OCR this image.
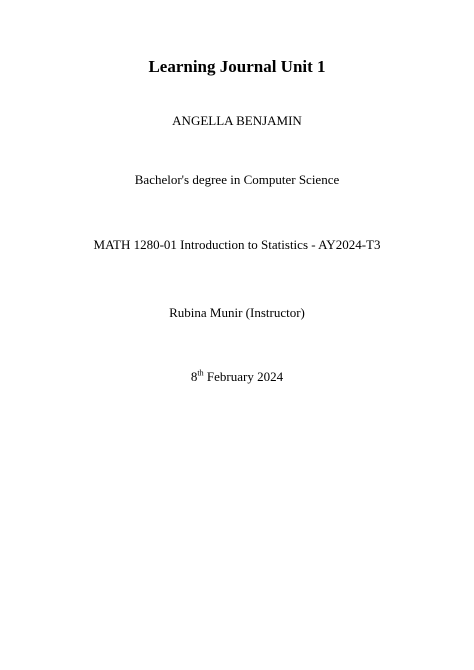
Learning Journal Unit 1
ANGELLA BENJAMIN
Bachelor's degree in Computer Science
MATH 1280-01 Introduction to Statistics - AY2024-T3
Rubina Munir (Instructor)
8th February 2024
